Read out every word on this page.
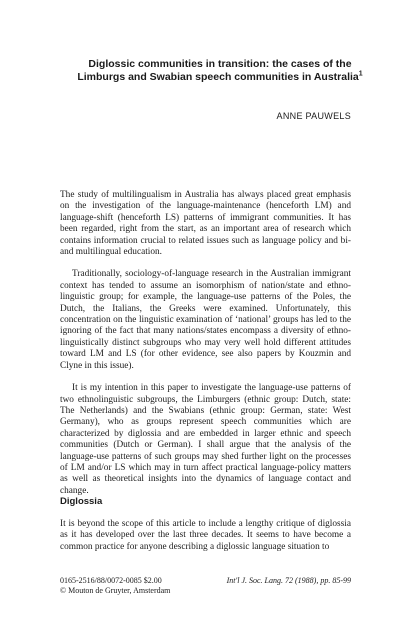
Diglossic communities in transition: the cases of the
Limburgs and Swabian speech communities in Australia$^1$
ANNE PAUWELS

The study of multilingualism in Australia has always placed great emphasis on the investigation of the language-maintenance (henceforth LM) and language-shift (henceforth LS) patterns of immigrant communities. It has been regarded, right from the start, as an important area of research which contains information crucial to related issues such as language policy and bi- and multilingual education.

Traditionally, sociology-of-language research in the Australian immigrant context has tended to assume an isomorphism of nation/state and ethno-linguistic group; for example, the language-use patterns of the Poles, the Dutch, the Italians, the Greeks were examined. Unfortunately, this concentration on the linguistic examination of ‘national’ groups has led to the ignoring of the fact that many nations/states encompass a diversity of ethno-linguistically distinct subgroups who may very well hold different attitudes toward LM and LS (for other evidence, see also papers by Kouzmin and Clyne in this issue).

It is my intention in this paper to investigate the language-use patterns of two ethnolinguistic subgroups, the Limburgers (ethnic group: Dutch, state: The Netherlands) and the Swabians (ethnic group: German, state: West Germany), who as groups represent speech communities which are characterized by diglossia and are embedded in larger ethnic and speech communities (Dutch or German). I shall argue that the analysis of the language-use patterns of such groups may shed further light on the processes of LM and/or LS which may in turn affect practical language-policy matters as well as theoretical insights into the dynamics of language contact and change.

Diglossia
It is beyond the scope of this article to include a lengthy critique of diglossia as it has developed over the last three decades. It seems to have become a common practice for anyone describing a diglossic language situation to
0165-2516/88/0072-0085 $2.00
© Mouton de Gruyter, Amsterdam
Int'l J. Soc. Lang. 72 (1988), pp. 85-99
